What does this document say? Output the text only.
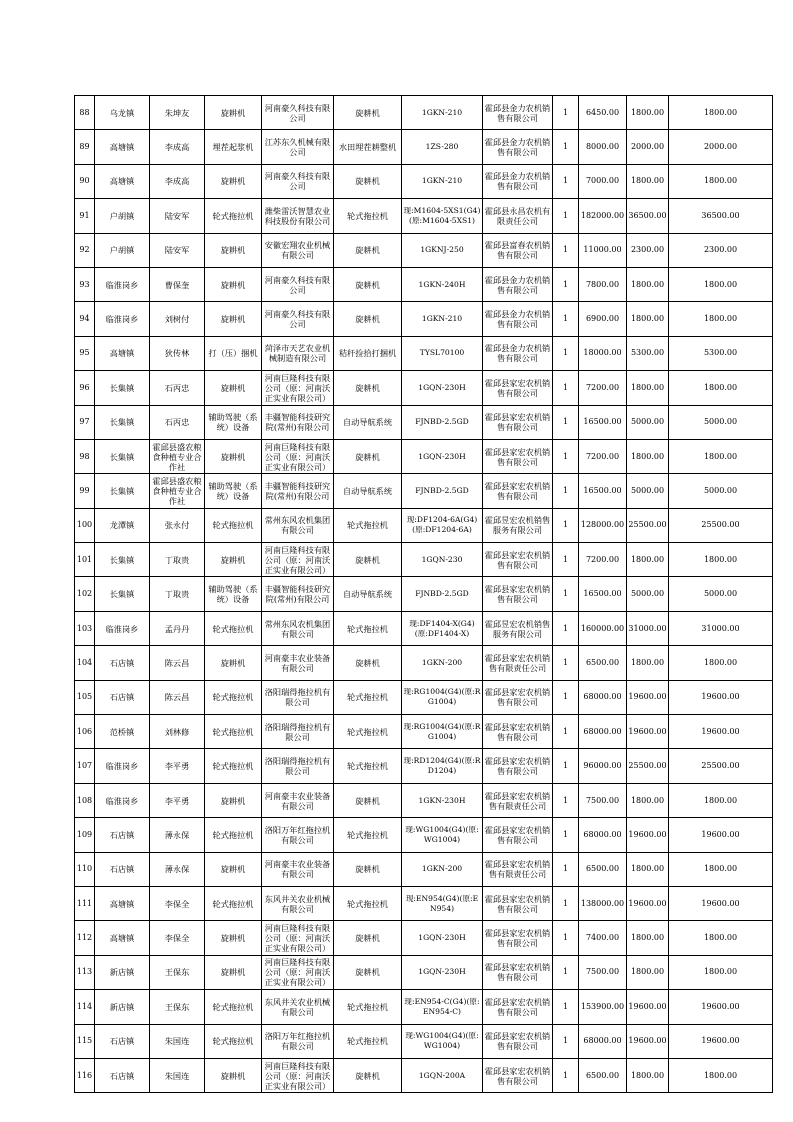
88	乌龙镇	朱坤友	旋耕机	河南豪久科技有限公司	旋耕机	1GKN-210	霍邱县金力农机销售有限公司	1	6450.00	1800.00	1800.00
89	高塘镇	李成高	埋茬起浆机	江苏东久机械有限公司	水田埋茬耕整机	1ZS-280	霍邱县金力农机销售有限公司	1	8000.00	2000.00	2000.00
90	高塘镇	李成高	旋耕机	河南豪久科技有限公司	旋耕机	1GKN-210	霍邱县金力农机销售有限公司	1	7000.00	1800.00	1800.00
91	户胡镇	陆安军	轮式拖拉机	潍柴雷沃智慧农业科技股份有限公司	轮式拖拉机	现:M1604-5XS1(G4)(原:M1604-5XS1)	霍邱县永昌农机有限责任公司	1	182000.00	36500.00	36500.00
92	户胡镇	陆安军	旋耕机	安徽宏翔农业机械有限公司	旋耕机	1GKNJ-250	霍邱县富春农机销售有限公司	1	11000.00	2300.00	2300.00
93	临淮岗乡	曹保奎	旋耕机	河南豪久科技有限公司	旋耕机	1GKN-240H	霍邱县金力农机销售有限公司	1	7800.00	1800.00	1800.00
94	临淮岗乡	刘树付	旋耕机	河南豪久科技有限公司	旋耕机	1GKN-210	霍邱县金力农机销售有限公司	1	6900.00	1800.00	1800.00
95	高塘镇	狄传林	打（压）捆机	菏泽市天艺农业机械制造有限公司	秸秆捡拾打捆机	TYSL70100	霍邱县金力农机销售有限公司	1	18000.00	5300.00	5300.00
96	长集镇	石丙忠	旋耕机	河南巨隆科技有限公司（原：河南沃正实业有限公司）	旋耕机	1GQN-230H	霍邱县家宏农机销售有限公司	1	7200.00	1800.00	1800.00
97	长集镇	石丙忠	辅助驾驶（系统）设备	丰疆智能科技研究院(常州)有限公司	自动导航系统	FJNBD-2.5GD	霍邱县家宏农机销售有限公司	1	16500.00	5000.00	5000.00
98	长集镇	霍邱县盛农粮食种植专业合作社	旋耕机	河南巨隆科技有限公司（原：河南沃正实业有限公司）	旋耕机	1GQN-230H	霍邱县家宏农机销售有限公司	1	7200.00	1800.00	1800.00
99	长集镇	霍邱县盛农粮食种植专业合作社	辅助驾驶（系统）设备	丰疆智能科技研究院(常州)有限公司	自动导航系统	FJNBD-2.5GD	霍邱县家宏农机销售有限公司	1	16500.00	5000.00	5000.00
100	龙潭镇	张永付	轮式拖拉机	常州东风农机集团有限公司	轮式拖拉机	现:DF1204-6A(G4)(原:DF1204-6A)	霍邱昱宏农机销售服务有限公司	1	128000.00	25500.00	25500.00
101	长集镇	丁取贵	旋耕机	河南巨隆科技有限公司（原：河南沃正实业有限公司）	旋耕机	1GQN-230	霍邱县家宏农机销售有限公司	1	7200.00	1800.00	1800.00
102	长集镇	丁取贵	辅助驾驶（系统）设备	丰疆智能科技研究院(常州)有限公司	自动导航系统	FJNBD-2.5GD	霍邱县家宏农机销售有限公司	1	16500.00	5000.00	5000.00
103	临淮岗乡	孟丹丹	轮式拖拉机	常州东风农机集团有限公司	轮式拖拉机	现:DF1404-X(G4)(原:DF1404-X)	霍邱昱宏农机销售服务有限公司	1	160000.00	31000.00	31000.00
104	石店镇	陈云昌	旋耕机	河南豪丰农业装备有限公司	旋耕机	1GKN-200	霍邱县家宏农机销售有限责任公司	1	6500.00	1800.00	1800.00
105	石店镇	陈云昌	轮式拖拉机	洛阳瑞得拖拉机有限公司	轮式拖拉机	现:RG1004(G4)(原:RG1004)	霍邱县家宏农机销售有限公司	1	68000.00	19600.00	19600.00
106	范桥镇	刘林修	轮式拖拉机	洛阳瑞得拖拉机有限公司	轮式拖拉机	现:RG1004(G4)(原:RG1004)	霍邱县家宏农机销售有限公司	1	68000.00	19600.00	19600.00
107	临淮岗乡	李平勇	轮式拖拉机	洛阳瑞得拖拉机有限公司	轮式拖拉机	现:RD1204(G4)(原:RD1204)	霍邱县家宏农机销售有限公司	1	96000.00	25500.00	25500.00
108	临淮岗乡	李平勇	旋耕机	河南豪丰农业装备有限公司	旋耕机	1GKN-230H	霍邱县家宏农机销售有限责任公司	1	7500.00	1800.00	1800.00
109	石店镇	薄永保	轮式拖拉机	洛阳万年红拖拉机有限公司	轮式拖拉机	现:WG1004(G4)(原:WG1004)	霍邱县家宏农机销售有限公司	1	68000.00	19600.00	19600.00
110	石店镇	薄永保	旋耕机	河南豪丰农业装备有限公司	旋耕机	1GKN-200	霍邱县家宏农机销售有限责任公司	1	6500.00	1800.00	1800.00
111	高塘镇	李保全	轮式拖拉机	东风井关农业机械有限公司	轮式拖拉机	现:EN954(G4)(原:EN954)	霍邱县家宏农机销售有限公司	1	138000.00	19600.00	19600.00
112	高塘镇	李保全	旋耕机	河南巨隆科技有限公司（原：河南沃正实业有限公司）	旋耕机	1GQN-230H	霍邱县家宏农机销售有限公司	1	7400.00	1800.00	1800.00
113	新店镇	王保东	旋耕机	河南巨隆科技有限公司（原：河南沃正实业有限公司）	旋耕机	1GQN-230H	霍邱县家宏农机销售有限公司	1	7500.00	1800.00	1800.00
114	新店镇	王保东	轮式拖拉机	东风井关农业机械有限公司	轮式拖拉机	现:EN954-C(G4)(原:EN954-C)	霍邱县家宏农机销售有限公司	1	153900.00	19600.00	19600.00
115	石店镇	朱国连	轮式拖拉机	洛阳万年红拖拉机有限公司	轮式拖拉机	现:WG1004(G4)(原:WG1004)	霍邱县家宏农机销售有限公司	1	68000.00	19600.00	19600.00
116	石店镇	朱国连	旋耕机	河南巨隆科技有限公司（原：河南沃正实业有限公司）	旋耕机	1GQN-200A	霍邱县家宏农机销售有限公司	1	6500.00	1800.00	1800.00
